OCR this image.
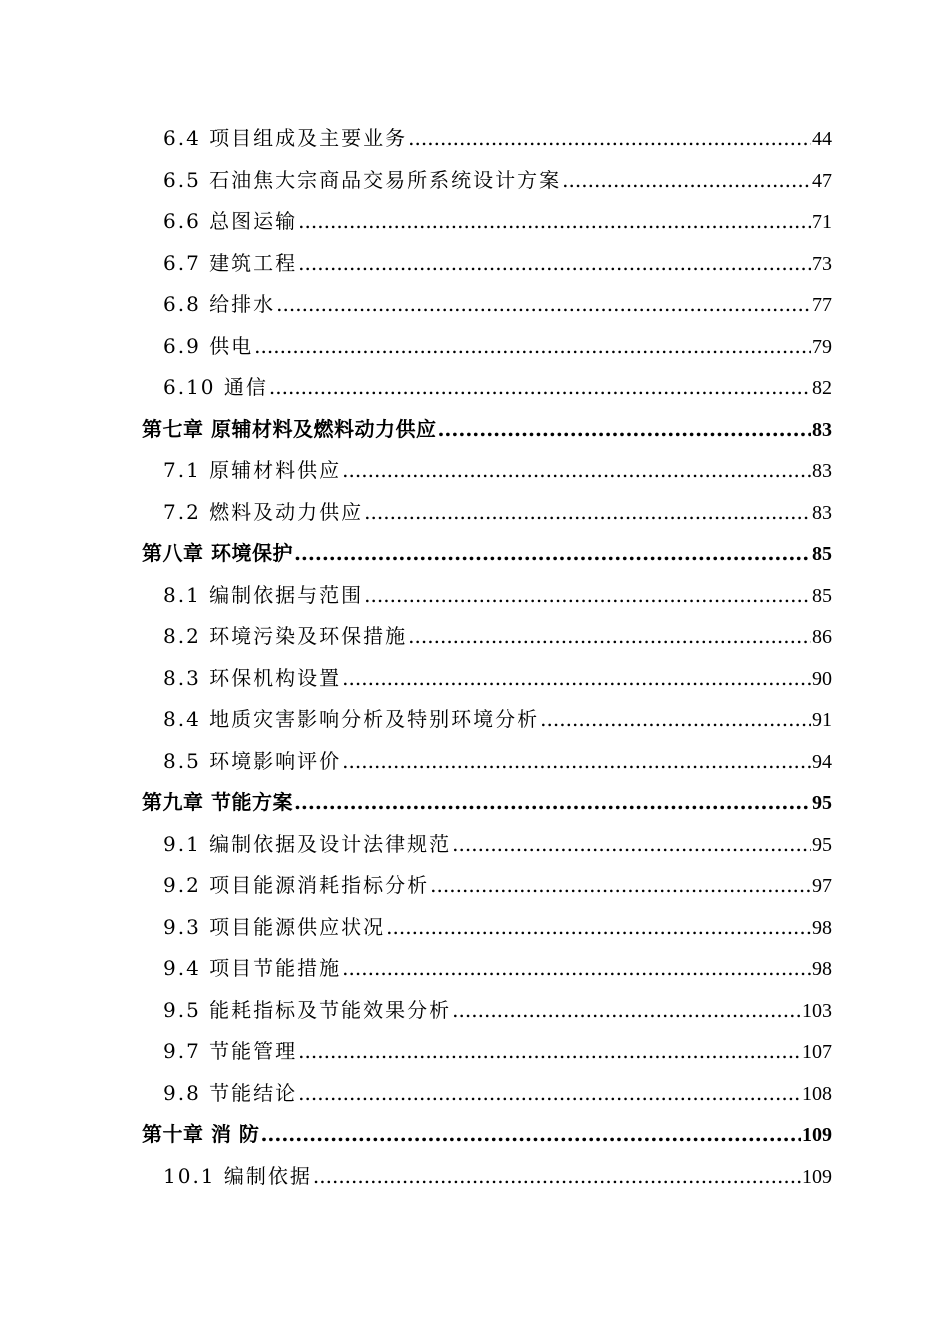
6.4 项目组成及主要业务 .....	44
6.5 石油焦大宗商品交易所系统设计方案 .....	47
6.6 总图运输 .....	71
6.7 建筑工程 .....	73
6.8 给排水 .....	77
6.9 供电 .....	79
6.10 通信 .....	82
第七章 原辅材料及燃料动力供应 .....	83
7.1 原辅材料供应 .....	83
7.2 燃料及动力供应 .....	83
第八章 环境保护 .....	85
8.1 编制依据与范围 .....	85
8.2 环境污染及环保措施 .....	86
8.3 环保机构设置 .....	90
8.4 地质灾害影响分析及特别环境分析 .....	91
8.5 环境影响评价 .....	94
第九章 节能方案 .....	95
9.1 编制依据及设计法律规范 .....	95
9.2 项目能源消耗指标分析 .....	97
9.3 项目能源供应状况 .....	98
9.4 项目节能措施 .....	98
9.5 能耗指标及节能效果分析 .....	103
9.7 节能管理 .....	107
9.8 节能结论 .....	108
第十章 消 防 .....	109
10.1 编制依据 .....	109
